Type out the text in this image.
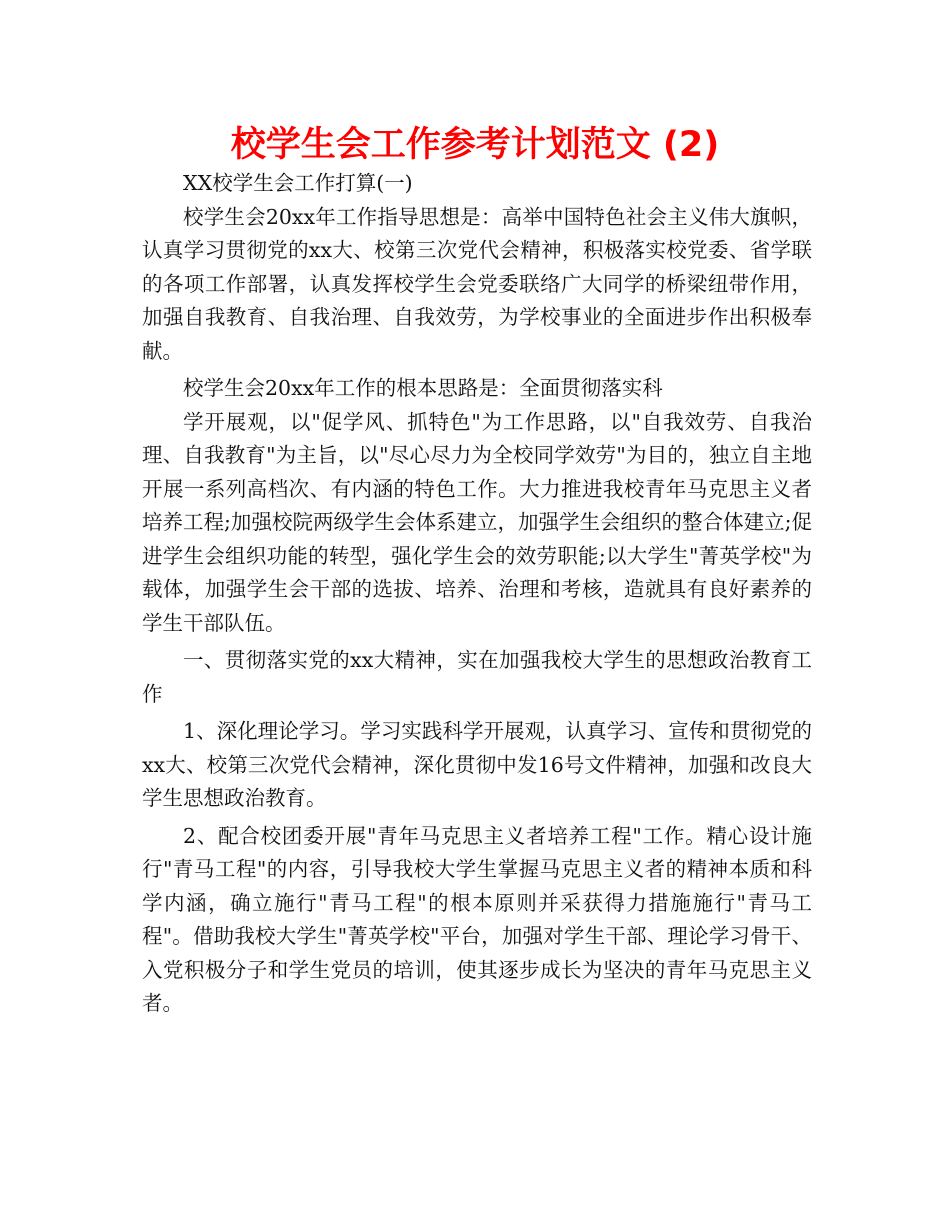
校学生会工作参考计划范文 (2)

XX校学生会工作打算(一)

校学生会20xx年工作指导思想是：高举中国特色社会主义伟大旗帜，认真学习贯彻党的xx大、校第三次党代会精神，积极落实校党委、省学联的各项工作部署，认真发挥校学生会党委联络广大同学的桥梁纽带作用，加强自我教育、自我治理、自我效劳，为学校事业的全面进步作出积极奉献。

校学生会20xx年工作的根本思路是：全面贯彻落实科

学开展观，以"促学风、抓特色"为工作思路，以"自我效劳、自我治理、自我教育"为主旨，以"尽心尽力为全校同学效劳"为目的，独立自主地开展一系列高档次、有内涵的特色工作。大力推进我校青年马克思主义者培养工程;加强校院两级学生会体系建立，加强学生会组织的整合体建立;促进学生会组织功能的转型，强化学生会的效劳职能;以大学生"菁英学校"为载体，加强学生会干部的选拔、培养、治理和考核，造就具有良好素养的学生干部队伍。

一、贯彻落实党的xx大精神，实在加强我校大学生的思想政治教育工作

1、深化理论学习。学习实践科学开展观，认真学习、宣传和贯彻党的xx大、校第三次党代会精神，深化贯彻中发16号文件精神，加强和改良大学生思想政治教育。

2、配合校团委开展"青年马克思主义者培养工程"工作。精心设计施行"青马工程"的内容，引导我校大学生掌握马克思主义者的精神本质和科学内涵，确立施行"青马工程"的根本原则并采获得力措施施行"青马工程"。借助我校大学生"菁英学校"平台，加强对学生干部、理论学习骨干、入党积极分子和学生党员的培训，使其逐步成长为坚决的青年马克思主义者。
